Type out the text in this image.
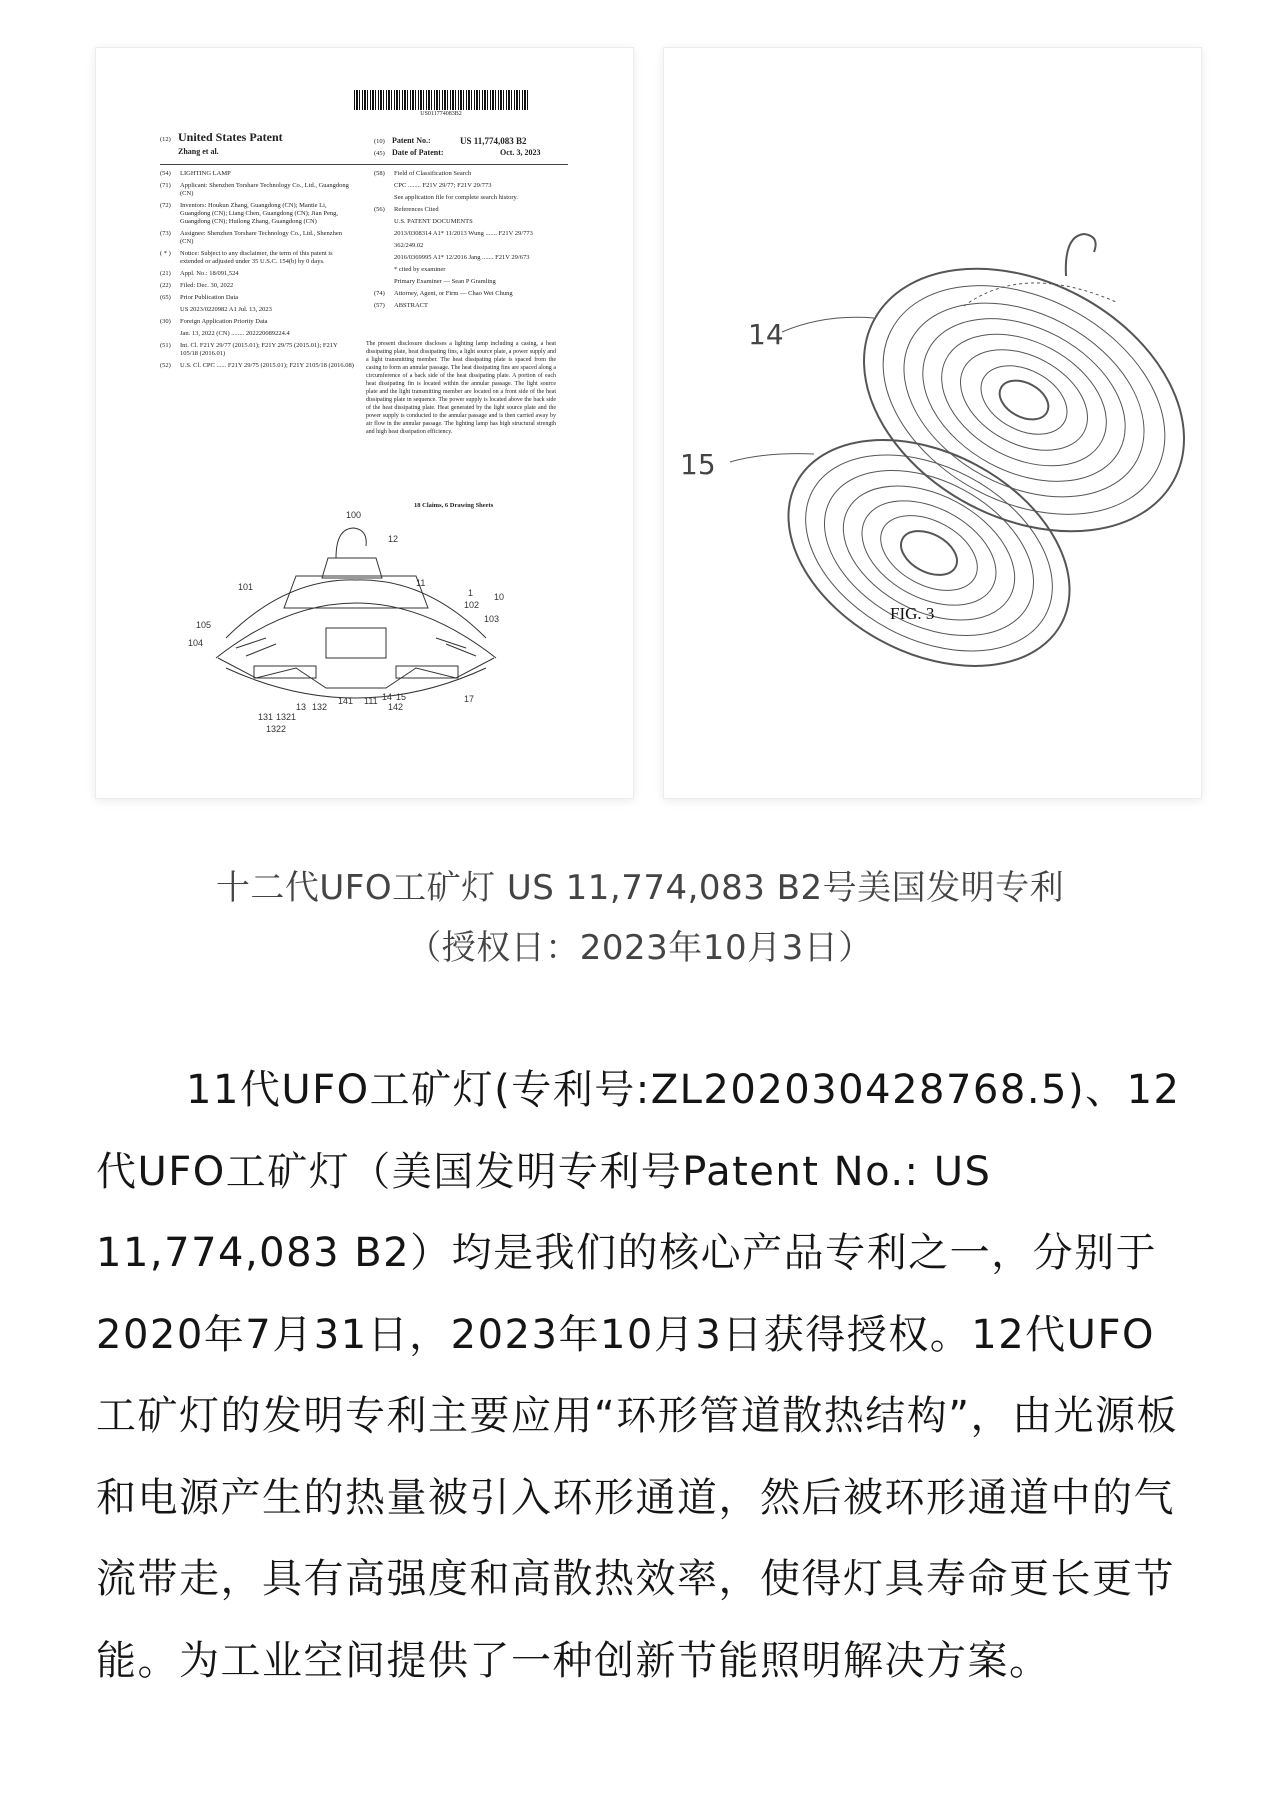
US011774083B2
(12) United States Patent
Zhang et al.
(10) Patent No.:	US 11,774,083 B2
(45) Date of Patent:	Oct. 3, 2023
(54)	LIGHTING LAMP
(71)	Applicant: Shenzhen Torshare Technology Co., Ltd., Guangdong (CN)
(72)	Inventors: Houkun Zhang, Guangdong (CN); Mantie Li, Guangdong (CN); Liang Chen, Guangdong (CN); Jian Peng, Guangdong (CN); Huilong Zhang, Guangdong (CN)
(73)	Assignee: Shenzhen Torshare Technology Co., Ltd., Shenzhen (CN)
( * )	Notice: Subject to any disclaimer, the term of this patent is extended or adjusted under 35 U.S.C. 154(b) by 0 days.
(21)	Appl. No.: 18/091,524
(22)	Filed: Dec. 30, 2022
(65)	Prior Publication Data
US 2023/0220982 A1 Jul. 13, 2023
(30)	Foreign Application Priority Data
Jan. 13, 2022 (CN) ........ 202220089224.4
(51)	Int. Cl. F21Y 29/77 (2015.01); F21Y 29/75 (2015.01); F21Y 105/18 (2016.01)
(52)	U.S. Cl. CPC ...... F21Y 29/75 (2015.01); F21Y 2105/18 (2016.08)
(58)	Field of Classification Search
CPC ........ F21V 29/77; F21V 29/773
See application file for complete search history.
(56)	References Cited
U.S. PATENT DOCUMENTS
2013/0308314 A1* 11/2013 Wung ....... F21V 29/773
362/249.02
2016/0369995 A1* 12/2016 Jang ....... F21V 29/673
* cited by examiner
Primary Examiner — Sean P Gramling
(74)	Attorney, Agent, or Firm — Chao Wei Chung
(57)	ABSTRACT
The present disclosure discloses a lighting lamp including a casing, a heat dissipating plate, heat dissipating fins, a light source plate, a power supply and a light transmitting member. The heat dissipating plate is spaced from the casing to form an annular passage. The heat dissipating fins are spaced along a circumference of a back side of the heat dissipating plate. A portion of each heat dissipating fin is located within the annular passage. The light source plate and the light transmitting member are located on a front side of the heat dissipating plate in sequence. The power supply is located above the back side of the heat dissipating plate. Heat generated by the light source plate and the power supply is conducted to the annular passage and is then carried away by air flow in the annular passage. The lighting lamp has high structural strength and high heat dissipation efficiency.
18 Claims, 6 Drawing Sheets
100
12
101	11
1
102
10
103
105
104
141 111 14 15
142
17
13 132
131 1321
1322
14
15
FIG. 3
十二代UFO工矿灯 US 11,774,083 B2号美国发明专利
（授权日：2023年10月3日）
11代UFO工矿灯(专利号:ZL202030428768.5)、12代UFO工矿灯（美国发明专利号Patent No.: US 11,774,083 B2）均是我们的核心产品专利之一，分别于2020年7月31日，2023年10月3日获得授权。12代UFO工矿灯的发明专利主要应用“环形管道散热结构”，由光源板和电源产生的热量被引入环形通道，然后被环形通道中的气流带走，具有高强度和高散热效率，使得灯具寿命更长更节能。为工业空间提供了一种创新节能照明解决方案。
